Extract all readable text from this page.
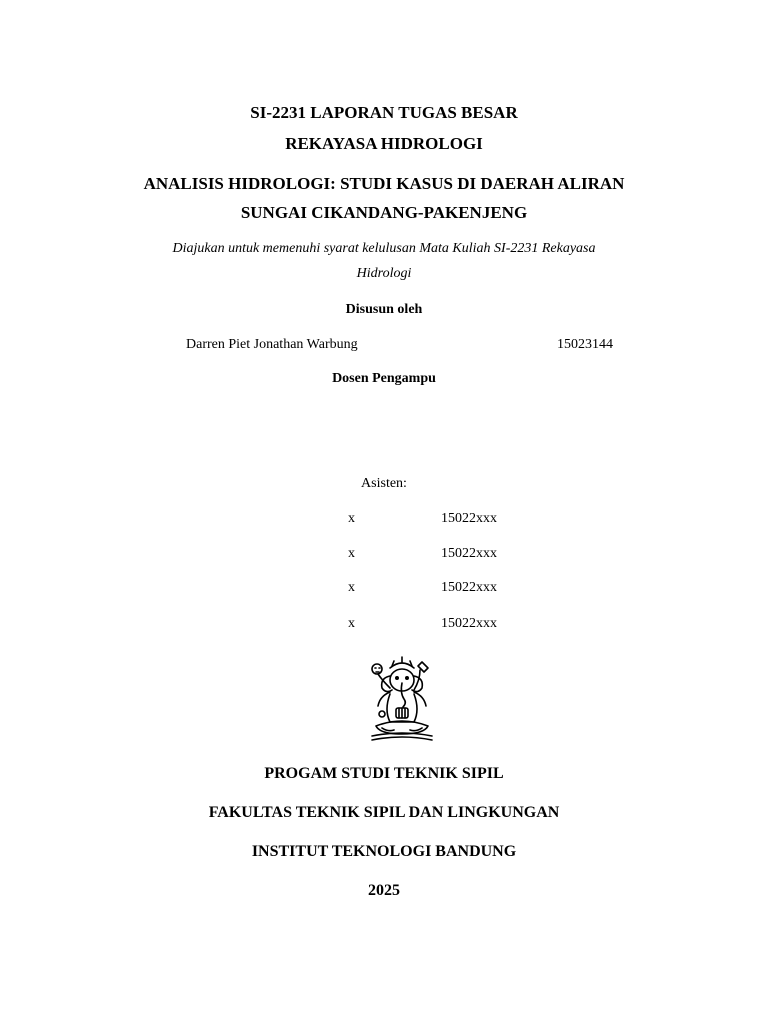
SI-2231 LAPORAN TUGAS BESAR
REKAYASA HIDROLOGI
ANALISIS HIDROLOGI: STUDI KASUS DI DAERAH ALIRAN
SUNGAI CIKANDANG-PAKENJENG
Diajukan untuk memenuhi syarat kelulusan Mata Kuliah SI-2231 Rekayasa
Hidrologi
Disusun oleh
Darren Piet Jonathan Warbung	15023144
Dosen Pengampu
Asisten:
x	15022xxx
x	15022xxx
x	15022xxx
x	15022xxx
PROGAM STUDI TEKNIK SIPIL
FAKULTAS TEKNIK SIPIL DAN LINGKUNGAN
INSTITUT TEKNOLOGI BANDUNG
2025
